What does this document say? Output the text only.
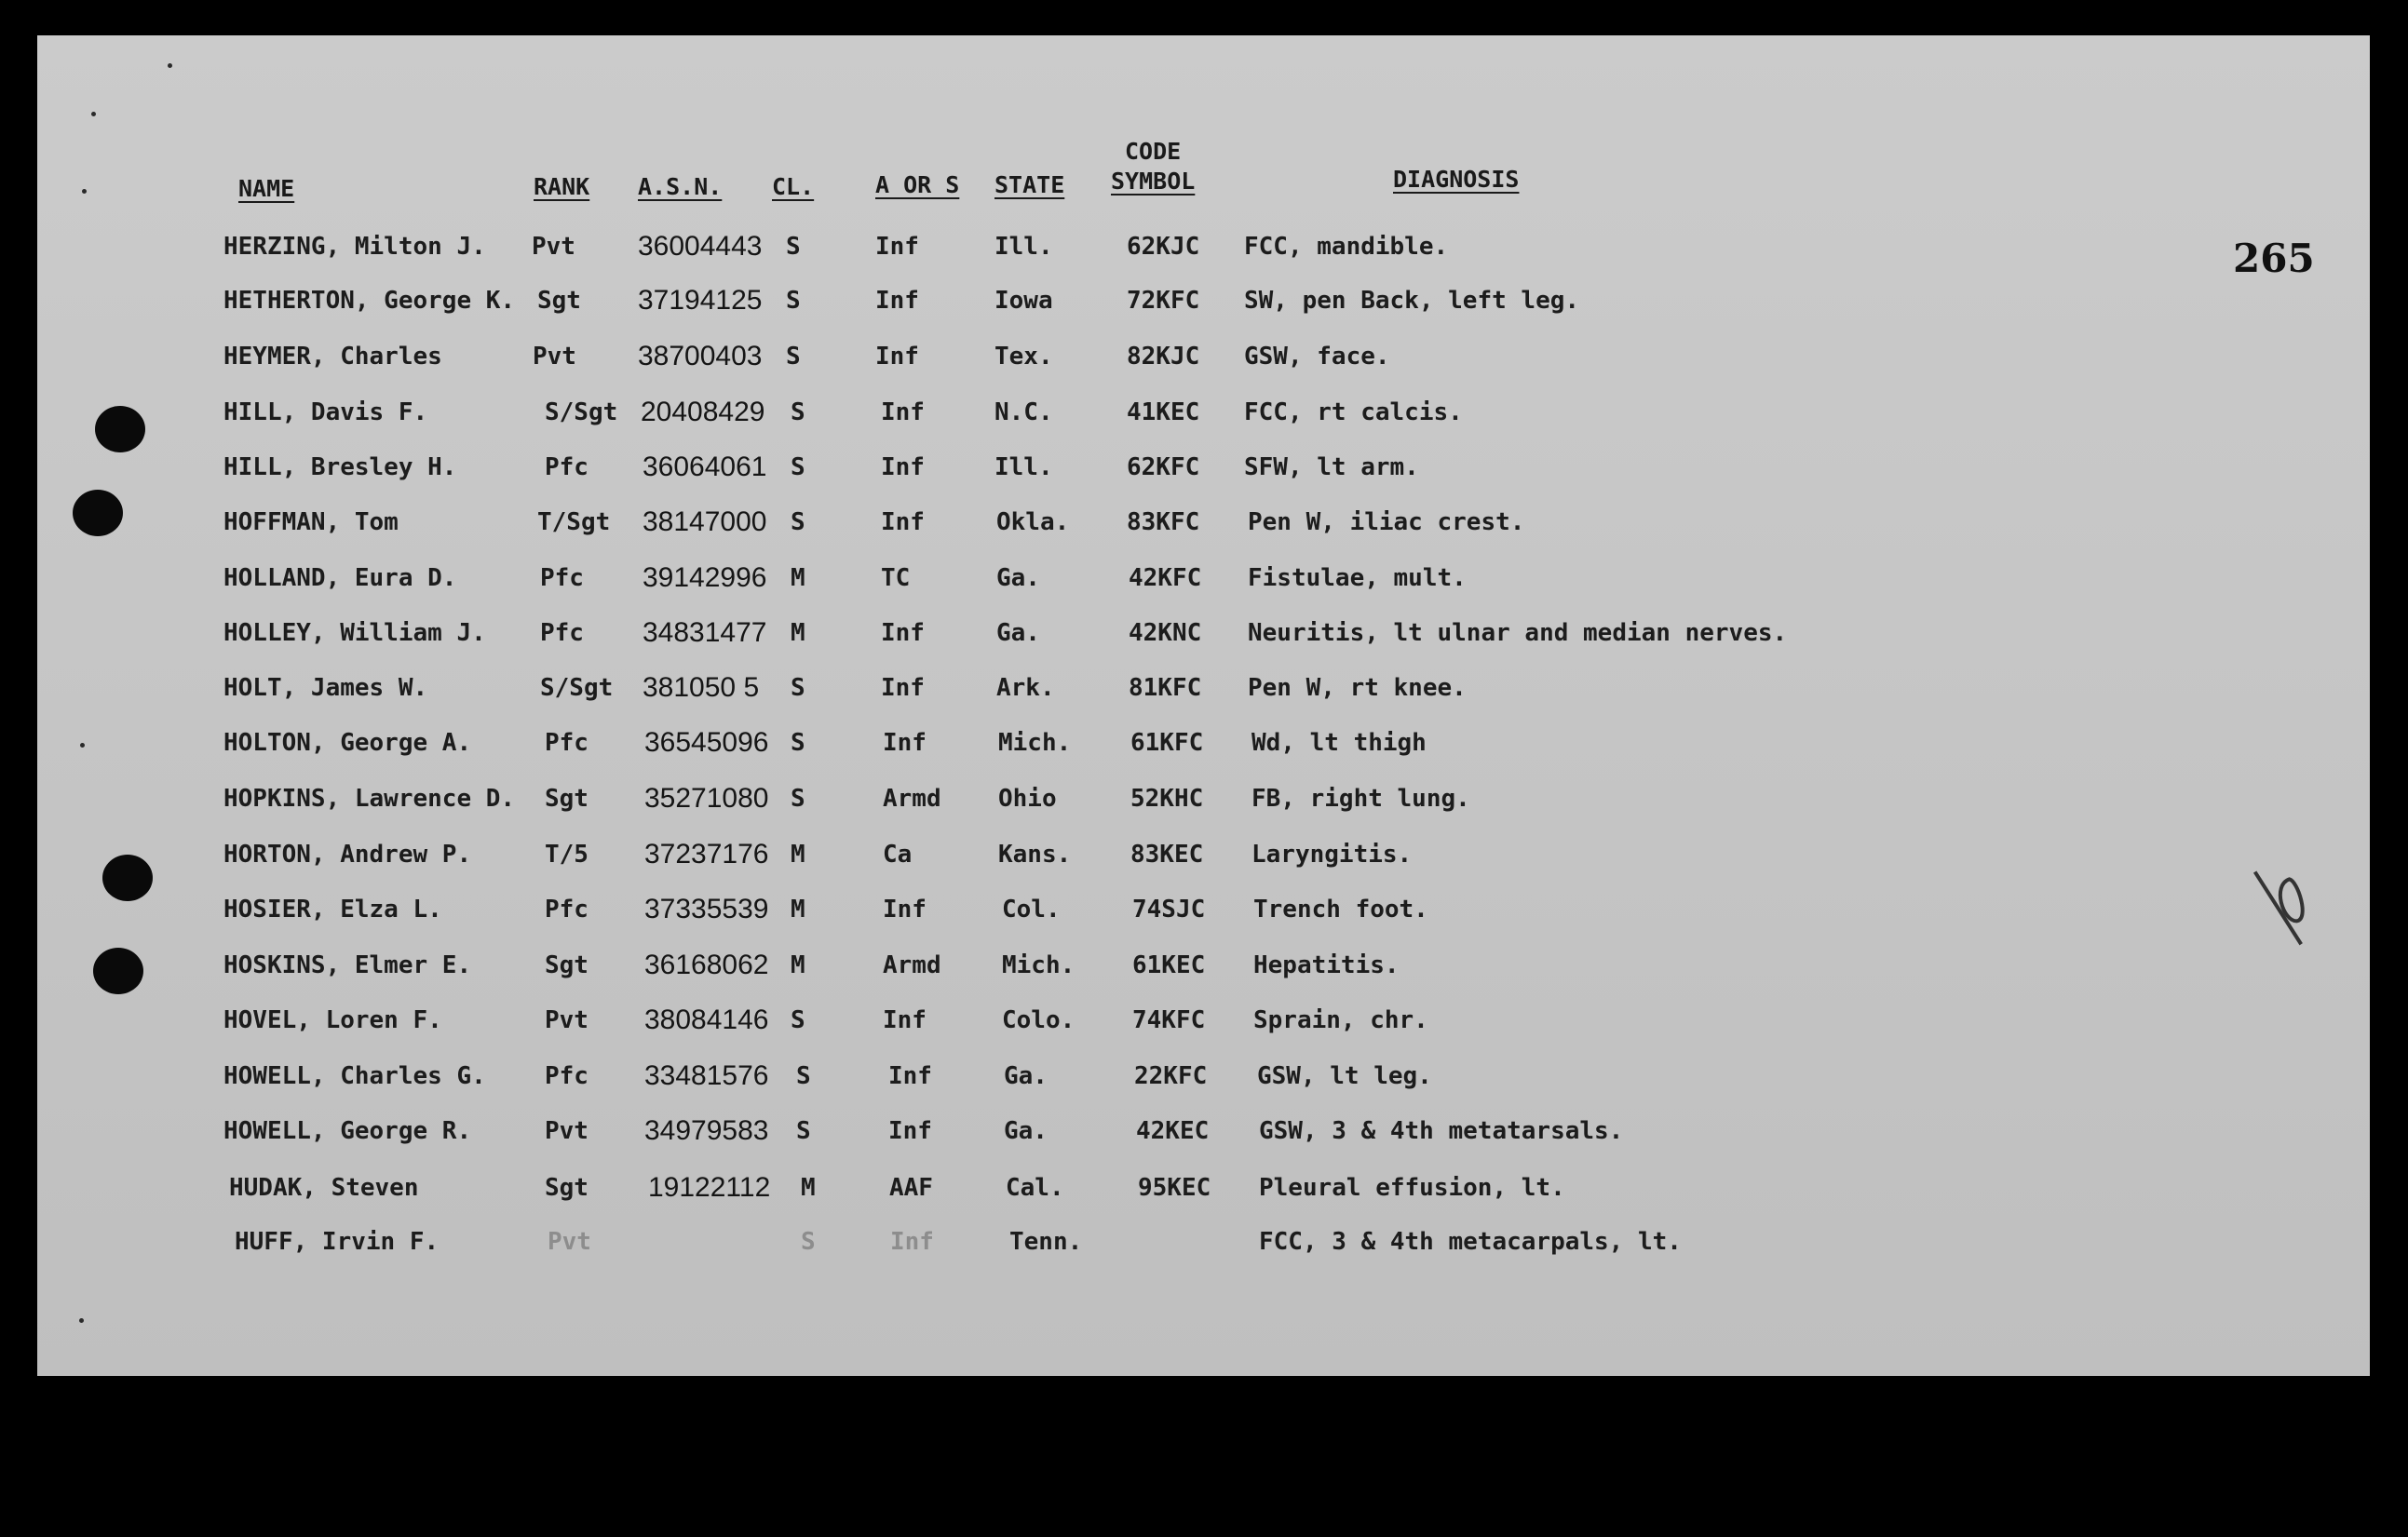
265
NAME	RANK A.S.N. CL.	A OR S STATE
CODE
SYMBOL	DIAGNOSIS
HERZING, Milton J. Pvt 36004443 S	Inf	Ill.	62KJC FCC, mandible.
HETHERTON, George K. Sgt 37194125 S	Inf	Iowa	72KFC SW, pen Back, left leg.
HEYMER, Charles	Pvt 38700403 S	Inf	Tex.	82KJC GSW, face.
HILL, Davis F.	S/Sgt 20408429 S	Inf	N.C.	41KEC FCC, rt calcis.
HILL, Bresley H.	Pfc 36064061 S	Inf	Ill.	62KFC SFW, lt arm.
HOFFMAN, Tom	T/Sgt 38147000 S	Inf	Okla. 83KFC Pen W, iliac crest.
HOLLAND, Eura D.	Pfc 39142996 M	TC	Ga.	42KFC Fistulae, mult.
HOLLEY, William J. Pfc 34831477 M	Inf	Ga.	42KNC Neuritis, lt ulnar and median nerves.
HOLT, James W.	S/Sgt 381050 5 S	Inf	Ark.	81KFC Pen W, rt knee.
HOLTON, George A.	Pfc 36545096 S	Inf	Mich. 61KFC Wd, lt thigh
HOPKINS, Lawrence D. Sgt 35271080 S	Armd Ohio	52KHC FB, right lung.
HORTON, Andrew P.	T/5 37237176 M	Ca	Kans. 83KEC Laryngitis.
HOSIER, Elza L.	Pfc 37335539 M	Inf	Col.	74SJC Trench foot.
HOSKINS, Elmer E.	Sgt 36168062 M	Armd	Mich. 61KEC Hepatitis.
HOVEL, Loren F.	Pvt 38084146 S	Inf	Colo. 74KFC Sprain, chr.
HOWELL, Charles G. Pfc 33481576 S	Inf	Ga.	22KFC GSW, lt leg.
HOWELL, George R.	Pvt 34979583 S	Inf	Ga.	42KEC GSW, 3 & 4th metatarsals.
HUDAK, Steven	Sgt 19122112 M	AAF	Cal.	95KEC Pleural effusion, lt.
HUFF, Irvin F.	Pvt	S	Inf	Tenn.	FCC, 3 & 4th metacarpals, lt.
